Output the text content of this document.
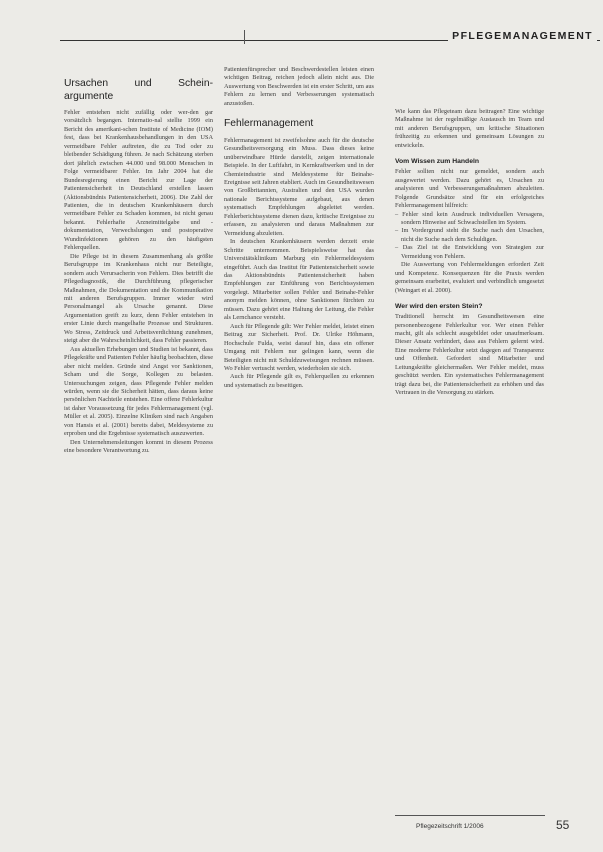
PFLEGEMANAGEMENT
Ursachen und Schein-argumente

Fehler entstehen nicht zufällig oder wer-den gar vorsätzlich begangen. Internatio-nal stellte 1999 ein Bericht des amerikani-schen Institute of Medicine (IOM) fest, dass bei Krankenhausbehandlungen in den USA vermeidbare Fehler auftreten, die zu Tod oder zu bleibender Schädigung führen. Je nach Schätzung sterben dort jährlich zwischen 44.000 und 98.000 Menschen in Folge vermeidbarer Fehler. Im Jahr 2004 hat die Bundesregierung einen Bericht zur Lage der Patientensicherheit in Deutschland erstellen lassen (Aktionsbündnis Patientensicherheit, 2006). Die Zahl der Patienten, die in deutschen Krankenhäusern durch vermeidbare Fehler zu Schaden kommen, ist nicht genau bekannt. Fehlerhafte Arzneimittelgabe und -dokumentation, Verwechslungen und postoperative Wundinfektionen gehören zu den häufigsten Fehlerquellen.

Die Pflege ist in diesem Zusammenhang als größte Berufsgruppe im Krankenhaus nicht nur Beteiligte, sondern auch Verursacherin von Fehlern. Dies betrifft die Pflegediagnostik, die Durchführung pflegerischer Maßnahmen, die Dokumentation und die Kommunikation mit anderen Berufsgruppen. Immer wieder wird Personalmangel als Ursache genannt. Diese Argumentation greift zu kurz, denn Fehler entstehen in erster Linie durch mangelhafte Prozesse und Strukturen. Wo Stress, Zeitdruck und Arbeitsverdichtung zunehmen, steigt aber die Wahrscheinlichkeit, dass Fehler passieren.

Aus aktuellen Erhebungen und Studien ist bekannt, dass Pflegekräfte und Patienten Fehler häufig beobachten, diese aber nicht melden. Gründe sind Angst vor Sanktionen, Scham und die Sorge, Kollegen zu belasten. Untersuchungen zeigen, dass Pflegende Fehler melden würden, wenn sie die Sicherheit hätten, dass daraus keine persönlichen Nachteile entstehen. Eine offene Fehlerkultur ist daher Voraussetzung für jedes Fehlermanagement (vgl. Müller et al. 2005). Einzelne Kliniken sind nach Angaben von Hansis et al. (2001) bereits dabei, Meldesysteme zu erproben und die Ergebnisse systematisch auszuwerten.

Den Unternehmensleitungen kommt in diesem Prozess eine besondere Verantwortung zu.

Patientenfürsprecher und Beschwerdestellen leisten einen wichtigen Beitrag, reichen jedoch allein nicht aus. Die Auswertung von Beschwerden ist ein erster Schritt, um aus Fehlern zu lernen und Verbesserungen systematisch anzustoßen.

Fehlermanagement

Fehlermanagement ist zweifelsohne auch für die deutsche Gesundheitsversorgung ein Muss. Dass dieses keine unüberwindbare Hürde darstellt, zeigen internationale Beispiele. In der Luftfahrt, in Kernkraftwerken und in der Chemieindustrie sind Meldesysteme für Beinahe-Ereignisse seit Jahren etabliert. Auch im Gesundheitswesen von Großbritannien, Australien und den USA wurden nationale Berichtssysteme aufgebaut, aus denen systematisch Empfehlungen abgeleitet werden. Fehlerberichtssysteme dienen dazu, kritische Ereignisse zu erfassen, zu analysieren und daraus Maßnahmen zur Vermeidung abzuleiten.

In deutschen Krankenhäusern werden derzeit erste Schritte unternommen. Beispielsweise hat das Universitätsklinikum Marburg ein Fehlermeldesystem eingeführt. Auch das Institut für Patientensicherheit sowie das Aktionsbündnis Patientensicherheit haben Empfehlungen zur Einführung von Berichtssystemen vorgelegt. Mitarbeiter sollen Fehler und Beinahe-Fehler anonym melden können, ohne Sanktionen fürchten zu müssen. Dazu gehört eine Haltung der Leitung, die Fehler als Lernchance versteht.

Auch für Pflegende gilt: Wer Fehler meldet, leistet einen Beitrag zur Sicherheit. Prof. Dr. Ulrike Höhmann, Hochschule Fulda, weist darauf hin, dass ein offener Umgang mit Fehlern nur gelingen kann, wenn die Beteiligten nicht mit Schuldzuweisungen rechnen müssen. Wo Fehler vertuscht werden, wiederholen sie sich.

Auch für Pflegende gilt es, Fehlerquellen zu erkennen und systematisch zu beseitigen.

Wie kann das Pflegeteam dazu beitragen? Eine wichtige Maßnahme ist der regelmäßige Austausch im Team und mit anderen Berufsgruppen, um kritische Situationen frühzeitig zu erkennen und gemeinsam Lösungen zu entwickeln.

Vom Wissen zum Handeln

Fehler sollten nicht nur gemeldet, sondern auch ausgewertet werden. Dazu gehört es, Ursachen zu analysieren und Verbesserungsmaßnahmen abzuleiten. Folgende Grundsätze sind für ein erfolgreiches Fehlermanagement hilfreich:

– Fehler sind kein Ausdruck individuellen Versagens, sondern Hinweise auf Schwachstellen im System.
– Im Vordergrund steht die Suche nach den Ursachen, nicht die Suche nach dem Schuldigen.
– Das Ziel ist die Entwicklung von Strategien zur Vermeidung von Fehlern.

Die Auswertung von Fehlermeldungen erfordert Zeit und Kompetenz. Konsequenzen für die Praxis werden gemeinsam erarbeitet, evaluiert und verbindlich umgesetzt (Weingart et al. 2000).

Wer wird den ersten Stein?

Traditionell herrscht im Gesundheitswesen eine personenbezogene Fehlerkultur vor. Wer einen Fehler macht, gilt als schlecht ausgebildet oder unaufmerksam. Dieser Ansatz verhindert, dass aus Fehlern gelernt wird. Eine moderne Fehlerkultur setzt dagegen auf Transparenz und Offenheit. Gefordert sind Mitarbeiter und Leitungskräfte gleichermaßen. Wer Fehler meldet, muss geschützt werden. Ein systematisches Fehlermanagement trägt dazu bei, die Patientensicherheit zu erhöhen und das Vertrauen in die Versorgung zu stärken.

Pflegezeitschrift 1/2006	55
